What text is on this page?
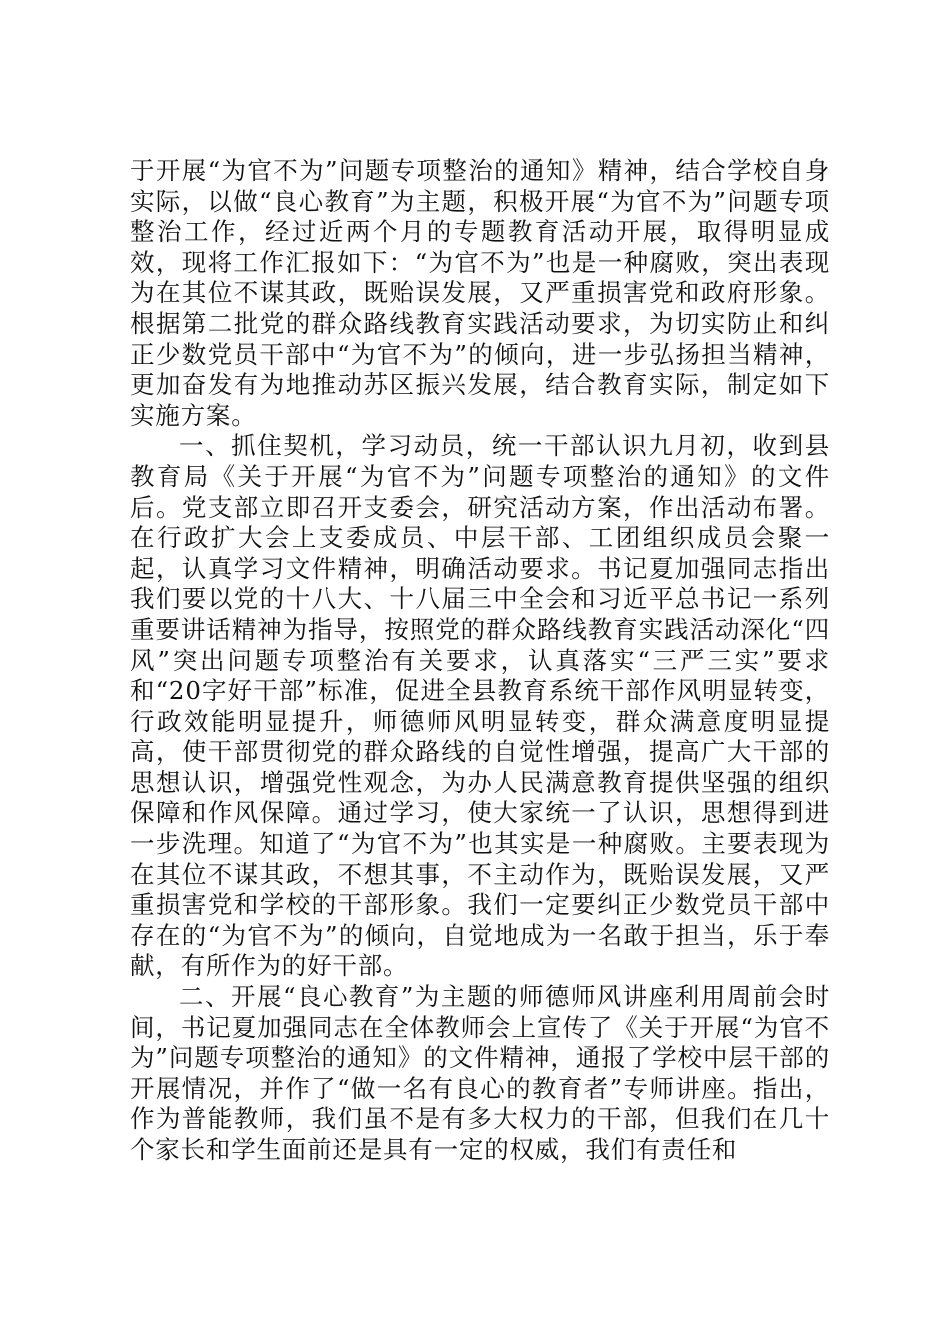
于开展“为官不为”问题专项整治的通知》精神，结合学校自身实际，以做“良心教育”为主题，积极开展“为官不为”问题专项整治工作，经过近两个月的专题教育活动开展，取得明显成效，现将工作汇报如下：“为官不为”也是一种腐败，突出表现为在其位不谋其政，既贻误发展，又严重损害党和政府形象。根据第二批党的群众路线教育实践活动要求，为切实防止和纠正少数党员干部中“为官不为”的倾向，进一步弘扬担当精神，更加奋发有为地推动苏区振兴发展，结合教育实际，制定如下实施方案。

一、抓住契机，学习动员，统一干部认识九月初，收到县教育局《关于开展“为官不为”问题专项整治的通知》的文件后。党支部立即召开支委会，研究活动方案，作出活动布署。在行政扩大会上支委成员、中层干部、工团组织成员会聚一起，认真学习文件精神，明确活动要求。书记夏加强同志指出我们要以党的十八大、十八届三中全会和习近平总书记一系列重要讲话精神为指导，按照党的群众路线教育实践活动深化“四风”突出问题专项整治有关要求，认真落实“三严三实”要求和“20字好干部”标准，促进全县教育系统干部作风明显转变，行政效能明显提升，师德师风明显转变，群众满意度明显提高，使干部贯彻党的群众路线的自觉性增强，提高广大干部的思想认识，增强党性观念，为办人民满意教育提供坚强的组织保障和作风保障。通过学习，使大家统一了认识，思想得到进一步洗理。知道了“为官不为”也其实是一种腐败。主要表现为在其位不谋其政，不想其事，不主动作为，既贻误发展，又严重损害党和学校的干部形象。我们一定要纠正少数党员干部中存在的“为官不为”的倾向，自觉地成为一名敢于担当，乐于奉献，有所作为的好干部。

二、开展“良心教育”为主题的师德师风讲座利用周前会时间，书记夏加强同志在全体教师会上宣传了《关于开展“为官不为”问题专项整治的通知》的文件精神，通报了学校中层干部的开展情况，并作了“做一名有良心的教育者”专师讲座。指出，作为普能教师，我们虽不是有多大权力的干部，但我们在几十个家长和学生面前还是具有一定的权威，我们有责任和
